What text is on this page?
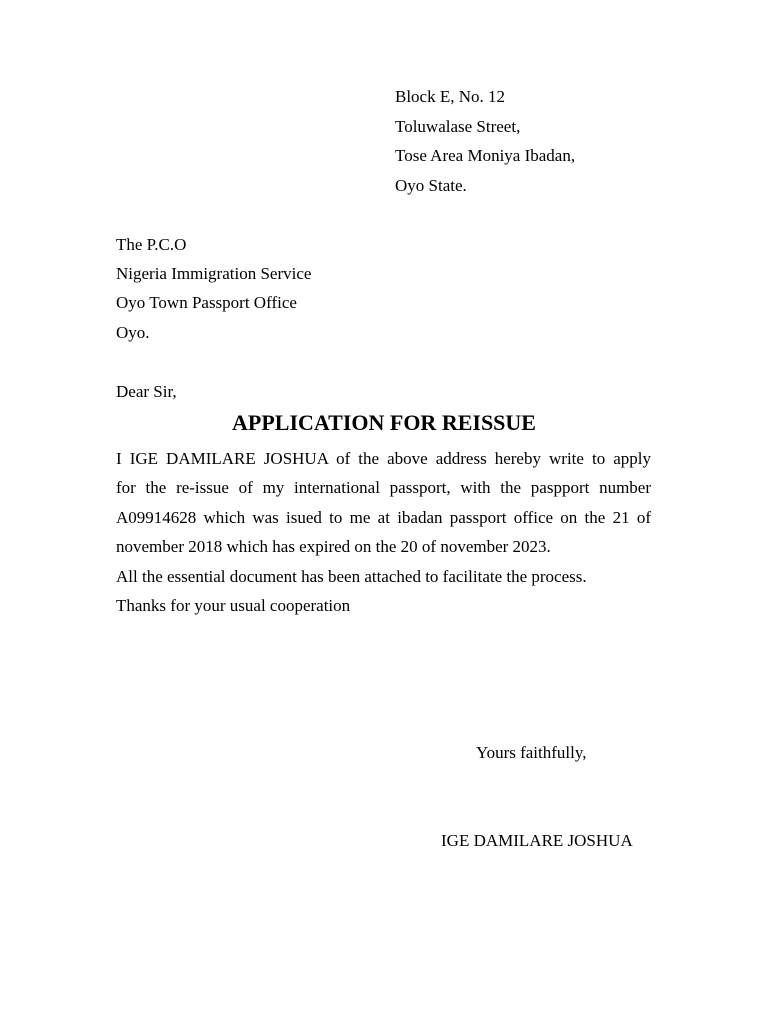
Block E, No. 12
Toluwalase Street,
Tose Area Moniya Ibadan,
Oyo State.
The P.C.O
Nigeria Immigration Service
Oyo Town Passport Office
Oyo.
Dear Sir,
APPLICATION FOR REISSUE
I IGE DAMILARE JOSHUA of the above address hereby write to apply
for the re-issue of my international passport, with the paspport number
A09914628 which was isued to me at ibadan passport office on the 21 of
november 2018 which has expired on the 20 of november 2023.
All the essential document has been attached to facilitate the process.
Thanks for your usual cooperation
Yours faithfully,
IGE DAMILARE JOSHUA
